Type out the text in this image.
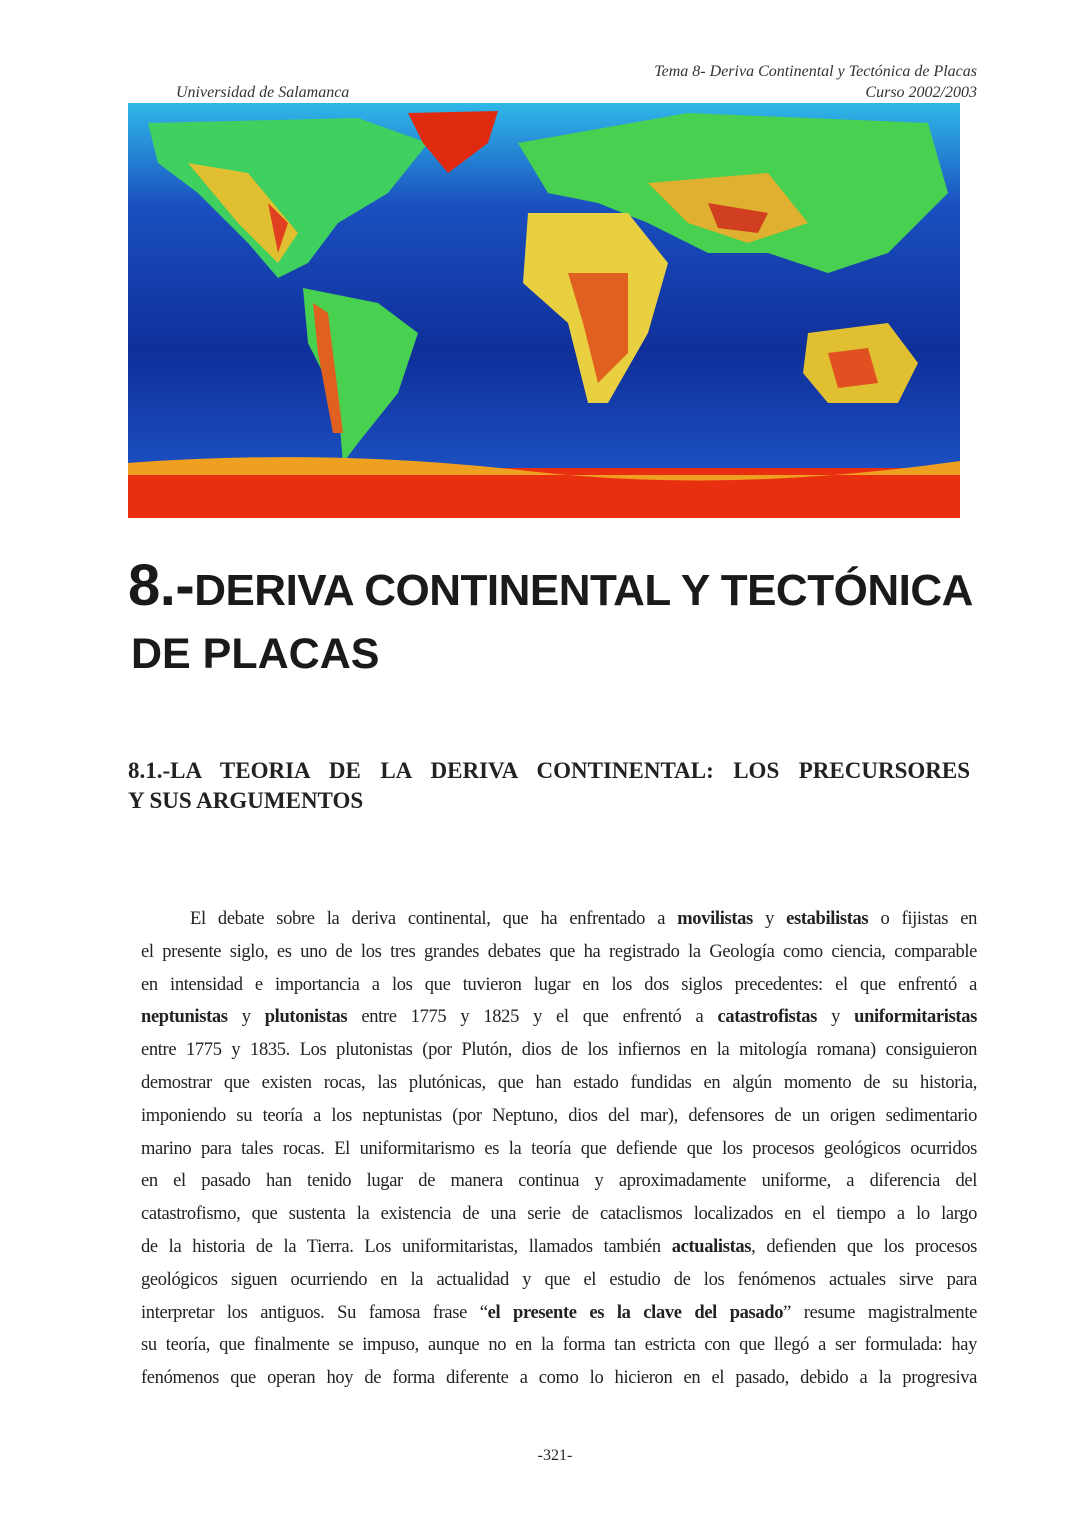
Universidad de Salamanca
Tema 8- Deriva Continental y Tectónica de Placas
Curso 2002/2003
8.-DERIVA CONTINENTAL Y TECTÓNICA
DE PLACAS
8.1.-LA TEORIA DE LA DERIVA CONTINENTAL: LOS PRECURSORES
Y SUS ARGUMENTOS
El debate sobre la deriva continental, que ha enfrentado a movilistas y estabilistas o fijistas en
el presente siglo, es uno de los tres grandes debates que ha registrado la Geología como ciencia, comparable
en intensidad e importancia a los que tuvieron lugar en los dos siglos precedentes: el que enfrentó a
neptunistas y plutonistas entre 1775 y 1825 y el que enfrentó a catastrofistas y uniformitaristas
entre 1775 y 1835. Los plutonistas (por Plutón, dios de los infiernos en la mitología romana) consiguieron
demostrar que existen rocas, las plutónicas, que han estado fundidas en algún momento de su historia,
imponiendo su teoría a los neptunistas (por Neptuno, dios del mar), defensores de un origen sedimentario
marino para tales rocas. El uniformitarismo es la teoría que defiende que los procesos geológicos ocurridos
en el pasado han tenido lugar de manera continua y aproximadamente uniforme, a diferencia del
catastrofismo, que sustenta la existencia de una serie de cataclismos localizados en el tiempo a lo largo
de la historia de la Tierra. Los uniformitaristas, llamados también actualistas, defienden que los procesos
geológicos siguen ocurriendo en la actualidad y que el estudio de los fenómenos actuales sirve para
interpretar los antiguos. Su famosa frase “el presente es la clave del pasado” resume magistralmente
su teoría, que finalmente se impuso, aunque no en la forma tan estricta con que llegó a ser formulada: hay
fenómenos que operan hoy de forma diferente a como lo hicieron en el pasado, debido a la progresiva
-321-
